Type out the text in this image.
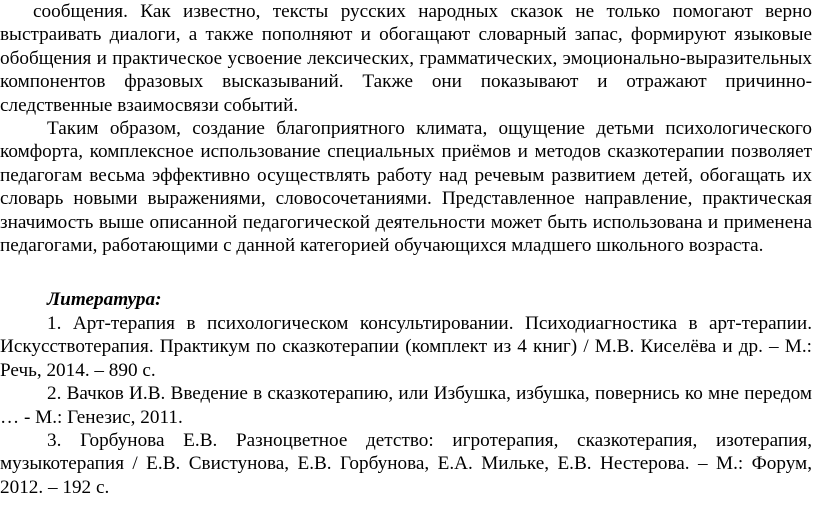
сообщения. Как известно, тексты русских народных сказок не только помогают верно выстраивать диалоги, а также пополняют и обогащают словарный запас, формируют языковые обобщения и практическое усвоение лексических, грамматических, эмоционально-выразительных компонентов фразовых высказываний. Также они показывают и отражают причинно-следственные взаимосвязи событий.

Таким образом, создание благоприятного климата, ощущение детьми психологического комфорта, комплексное использование специальных приёмов и методов сказкотерапии позволяет педагогам весьма эффективно осуществлять работу над речевым развитием детей, обогащать их словарь новыми выражениями, словосочетаниями. Представленное направление, практическая значимость выше описанной педагогической деятельности может быть использована и применена педагогами, работающими с данной категорией обучающихся младшего школьного возраста.

Литература:

1. Арт-терапия в психологическом консультировании. Психодиагностика в арт-терапии. Искусствотерапия. Практикум по сказкотерапии (комплект из 4 книг) / М.В. Киселёва и др. – М.: Речь, 2014. – 890 с.

2. Вачков И.В. Введение в сказкотерапию, или Избушка, избушка, повернись ко мне передом … - М.: Генезис, 2011.

3. Горбунова Е.В. Разноцветное детство: игротерапия, сказкотерапия, изотерапия, музыкотерапия / Е.В. Свистунова, Е.В. Горбунова, Е.А. Мильке, Е.В. Нестерова. – М.: Форум, 2012. – 192 с.
